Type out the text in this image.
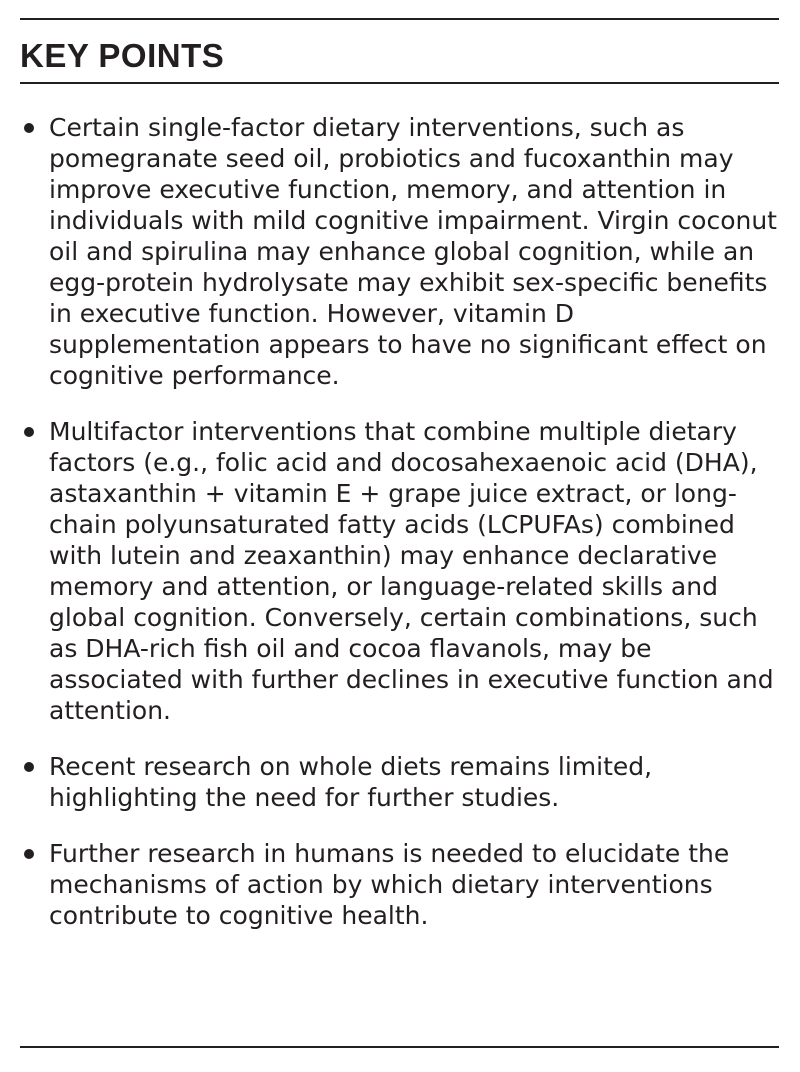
KEY POINTS
Certain single-factor dietary interventions, such as pomegranate seed oil, probiotics and fucoxanthin may improve executive function, memory, and attention in individuals with mild cognitive impairment. Virgin coconut oil and spirulina may enhance global cognition, while an egg-protein hydrolysate may exhibit sex-specific benefits in executive function. However, vitamin D supplementation appears to have no significant effect on cognitive performance.
Multifactor interventions that combine multiple dietary factors (e.g., folic acid and docosahexaenoic acid (DHA), astaxanthin + vitamin E + grape juice extract, or long-chain polyunsaturated fatty acids (LCPUFAs) combined with lutein and zeaxanthin) may enhance declarative memory and attention, or language-related skills and global cognition. Conversely, certain combinations, such as DHA-rich fish oil and cocoa flavanols, may be associated with further declines in executive function and attention.
Recent research on whole diets remains limited, highlighting the need for further studies.
Further research in humans is needed to elucidate the mechanisms of action by which dietary interventions contribute to cognitive health.
